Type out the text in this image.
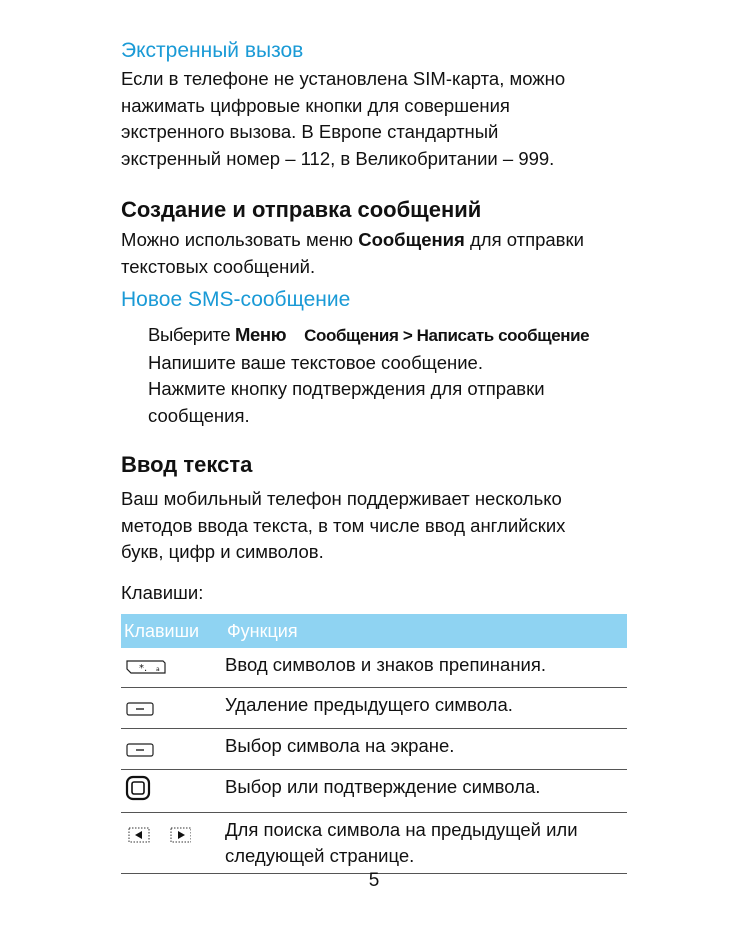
Экстренный вызов

Если в телефоне не установлена SIM-карта, можно
нажимать цифровые кнопки для совершения
экстренного вызова. В Европе стандартный
экстренный номер – 112, в Великобритании – 999.

Создание и отправка сообщений

Можно использовать меню Сообщения для отправки
текстовых сообщений.

Новое SMS-сообщение
Выберите Меню Сообщения > Написать сообщение
Напишите ваше текстовое сообщение.
Нажмите кнопку подтверждения для отправки
сообщения.
Ввод текста

Ваш мобильный телефон поддерживает несколько
методов ввода текста, в том числе ввод английских
букв, цифр и символов.

Клавиши:

Клавиши	Функция

*. a	Ввод символов и знаков препинания.
	Удаление предыдущего символа.
	Выбор символа на экране.
	Выбор или подтверждение символа.
	Для поиска символа на предыдущей или
следующей странице.
5
